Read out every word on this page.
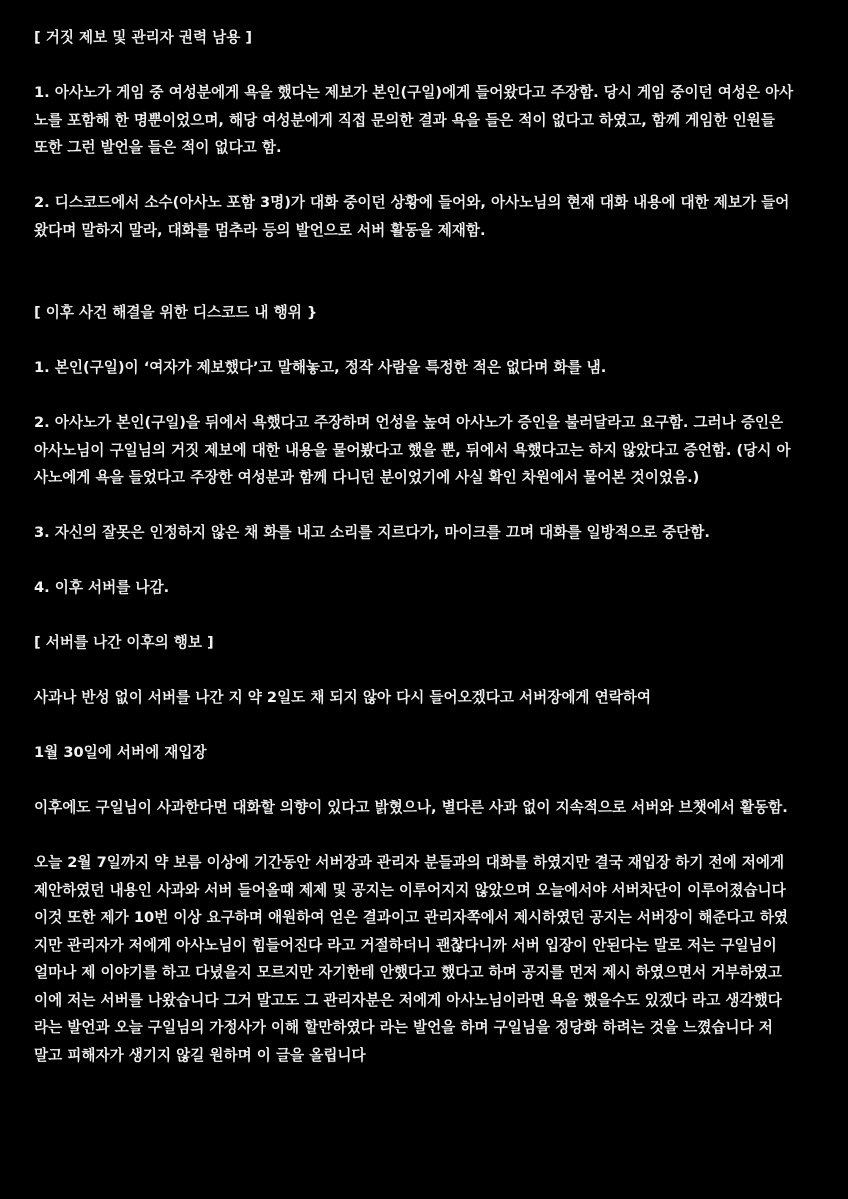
[ 거짓 제보 및 관리자 권력 남용 ]

1. 아사노가 게임 중 여성분에게 욕을 했다는 제보가 본인(구일)에게 들어왔다고 주장함. 당시 게임 중이던 여성은 아사

노를 포함해 한 명뿐이었으며, 해당 여성분에게 직접 문의한 결과 욕을 들은 적이 없다고 하였고, 함께 게임한 인원들

또한 그런 발언을 들은 적이 없다고 함.

2. 디스코드에서 소수(아사노 포함 3명)가 대화 중이던 상황에 들어와, 아사노님의 현재 대화 내용에 대한 제보가 들어

왔다며 말하지 말라, 대화를 멈추라 등의 발언으로 서버 활동을 제재함.

[ 이후 사건 해결을 위한 디스코드 내 행위 }

1. 본인(구일)이 ‘여자가 제보했다’고 말해놓고, 정작 사람을 특정한 적은 없다며 화를 냄.

2. 아사노가 본인(구일)을 뒤에서 욕했다고 주장하며 언성을 높여 아사노가 증인을 불러달라고 요구함. 그러나 증인은

아사노님이 구일님의 거짓 제보에 대한 내용을 물어봤다고 했을 뿐, 뒤에서 욕했다고는 하지 않았다고 증언함. (당시 아

사노에게 욕을 들었다고 주장한 여성분과 함께 다니던 분이었기에 사실 확인 차원에서 물어본 것이었음.)

3. 자신의 잘못은 인정하지 않은 채 화를 내고 소리를 지르다가, 마이크를 끄며 대화를 일방적으로 중단함.

4. 이후 서버를 나감.

[ 서버를 나간 이후의 행보 ]

사과나 반성 없이 서버를 나간 지 약 2일도 채 되지 않아 다시 들어오겠다고 서버장에게 연락하여

1월 30일에 서버에 재입장

이후에도 구일님이 사과한다면 대화할 의향이 있다고 밝혔으나, 별다른 사과 없이 지속적으로 서버와 브챗에서 활동함.

오늘 2월 7일까지 약 보름 이상에 기간동안 서버장과 관리자 분들과의 대화를 하였지만 결국 재입장 하기 전에 저에게

제안하였던 내용인 사과와 서버 들어올때 제제 및 공지는 이루어지지 않았으며 오늘에서야 서버차단이 이루어졌습니다

이것 또한 제가 10번 이상 요구하며 애원하여 얻은 결과이고 관리자쪽에서 제시하였던 공지는 서버장이 해준다고 하였

지만 관리자가 저에게 아사노님이 힘들어진다 라고 거절하더니 괜찮다니까 서버 입장이 안된다는 말로 저는 구일님이

얼마나 제 이야기를 하고 다녔을지 모르지만 자기한테 안했다고 했다고 하며 공지를 먼저 제시 하였으면서 거부하였고

이에 저는 서버를 나왔습니다 그거 말고도 그 관리자분은 저에게 아사노님이라면 욕을 했을수도 있겠다 라고 생각했다

라는 발언과 오늘 구일님의 가정사가 이해 할만하였다 라는 발언을 하며 구일님을 정당화 하려는 것을 느꼈습니다 저

말고 피해자가 생기지 않길 원하며 이 글을 올립니다
